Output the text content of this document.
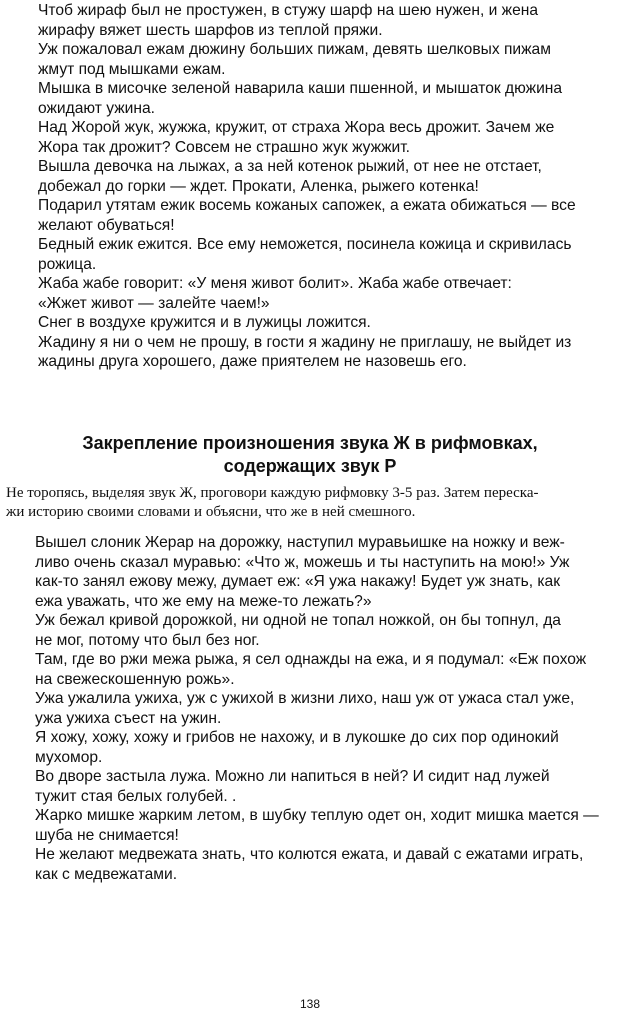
Чтоб жираф был не простужен, в стужу шарф на шею нужен, и жена
жирафу вяжет шесть шарфов из теплой пряжи.
Уж пожаловал ежам дюжину больших пижам, девять шелковых пижам
жмут под мышками ежам.
Мышка в мисочке зеленой наварила каши пшенной, и мышаток дюжина
ожидают ужина.
Над Жорой жук, жужжа, кружит, от страха Жора весь дрожит. Зачем же
Жора так дрожит? Совсем не страшно жук жужжит.
Вышла девочка на лыжах, а за ней котенок рыжий, от нее не отстает,
добежал до горки — ждет. Прокати, Аленка, рыжего котенка!
Подарил утятам ежик восемь кожаных сапожек, а ежата обижаться — все
желают обуваться!
Бедный ежик ежится. Все ему неможется, посинела кожица и скривилась
рожица.
Жаба жабе говорит: «У меня живот болит». Жаба жабе отвечает:
«Жжет живот — залейте чаем!»
Снег в воздухе кружится и в лужицы ложится.
Жадину я ни о чем не прошу, в гости я жадину не приглашу, не выйдет из
жадины друга хорошего, даже приятелем не назовешь его.
Закрепление произношения звука Ж в рифмовках,
содержащих звук Р
Не торопясь, выделяя звук Ж, проговори каждую рифмовку 3-5 раз. Затем переска-
жи историю своими словами и объясни, что же в ней смешного.
Вышел слоник Жерар на дорожку, наступил муравьишке на ножку и веж-
ливо очень сказал муравью: «Что ж, можешь и ты наступить на мою!» Уж
как-то занял ежову межу, думает еж: «Я ужа накажу! Будет уж знать, как
ежа уважать, что же ему на меже-то лежать?»
Уж бежал кривой дорожкой, ни одной не топал ножкой, он бы топнул, да
не мог, потому что был без ног.
Там, где во ржи межа рыжа, я сел однажды на ежа, и я подумал: «Еж похож
на свежескошенную рожь».
Ужа ужалила ужиха, уж с ужихой в жизни лихо, наш уж от ужаса стал уже,
ужа ужиха съест на ужин.
Я хожу, хожу, хожу и грибов не нахожу, и в лукошке до сих пор одинокий
мухомор.
Во дворе застыла лужа. Можно ли напиться в ней? И сидит над лужей
тужит стая белых голубей. .
Жарко мишке жарким летом, в шубку теплую одет он, ходит мишка мается —
шуба не снимается!
Не желают медвежата знать, что колются ежата, и давай с ежатами играть,
как с медвежатами.
138
